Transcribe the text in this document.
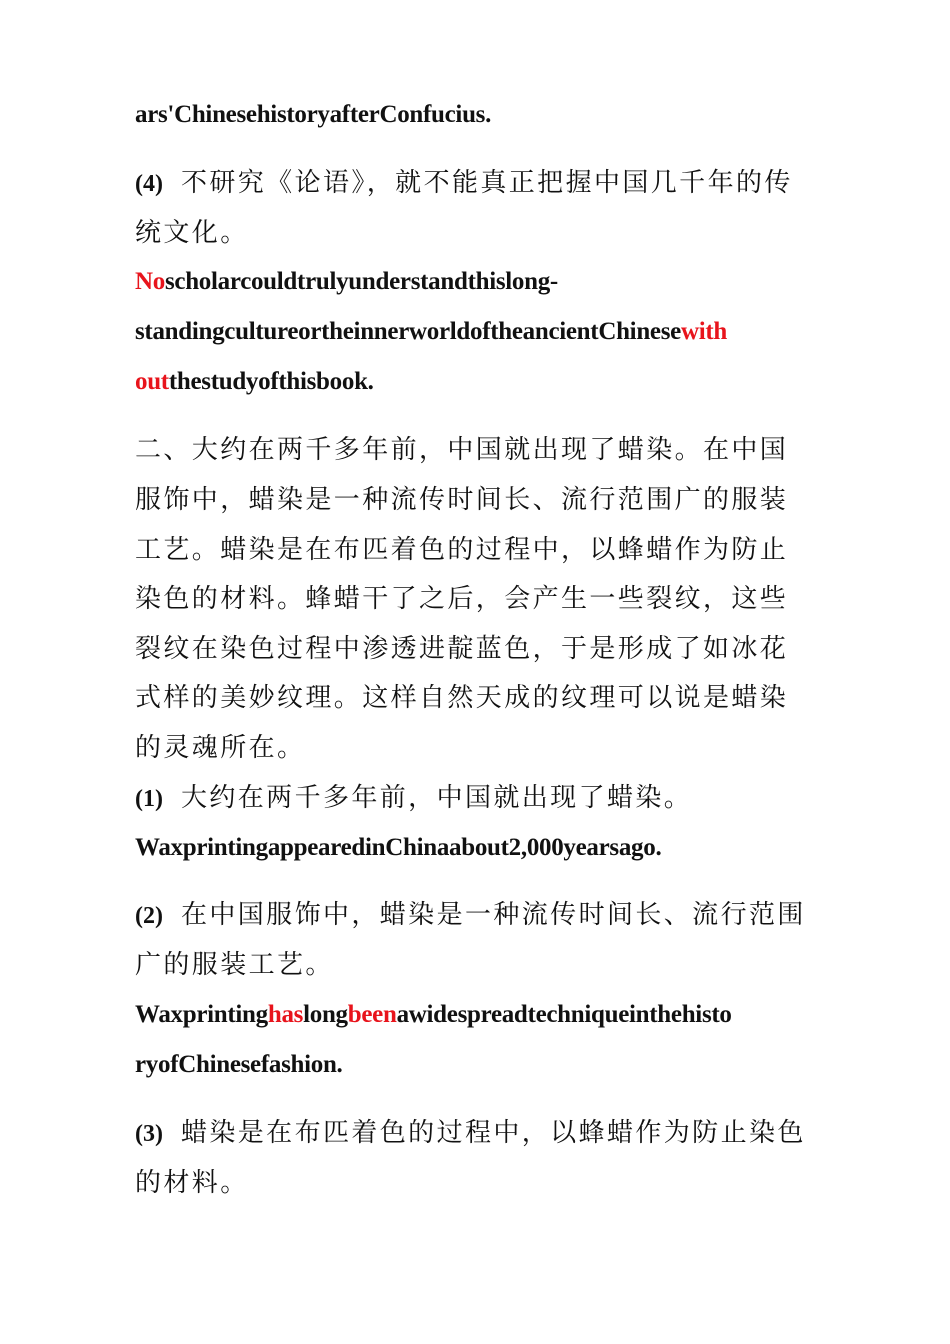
ars'ChinesehistoryafterConfucius.

(4) 不研究《论语》，就不能真正把握中国几千年的传

统文化。

Noscholarcouldtrulyunderstandthislong-

standingcultureortheinnerworldoftheancientChinesewith

outthestudyofthisbook.

二、大约在两千多年前，中国就出现了蜡染。在中国

服饰中，蜡染是一种流传时间长、流行范围广的服装

工艺。蜡染是在布匹着色的过程中，以蜂蜡作为防止

染色的材料。蜂蜡干了之后，会产生一些裂纹，这些

裂纹在染色过程中渗透进靛蓝色，于是形成了如冰花

式样的美妙纹理。这样自然天成的纹理可以说是蜡染

的灵魂所在。

(1) 大约在两千多年前，中国就出现了蜡染。

WaxprintingappearedinChinaabout2,000yearsago.

(2) 在中国服饰中，蜡染是一种流传时间长、流行范围

广的服装工艺。

Waxprintinghaslongbeenawidespreadtechniqueinthehisto

ryofChinesefashion.

(3) 蜡染是在布匹着色的过程中，以蜂蜡作为防止染色

的材料。
